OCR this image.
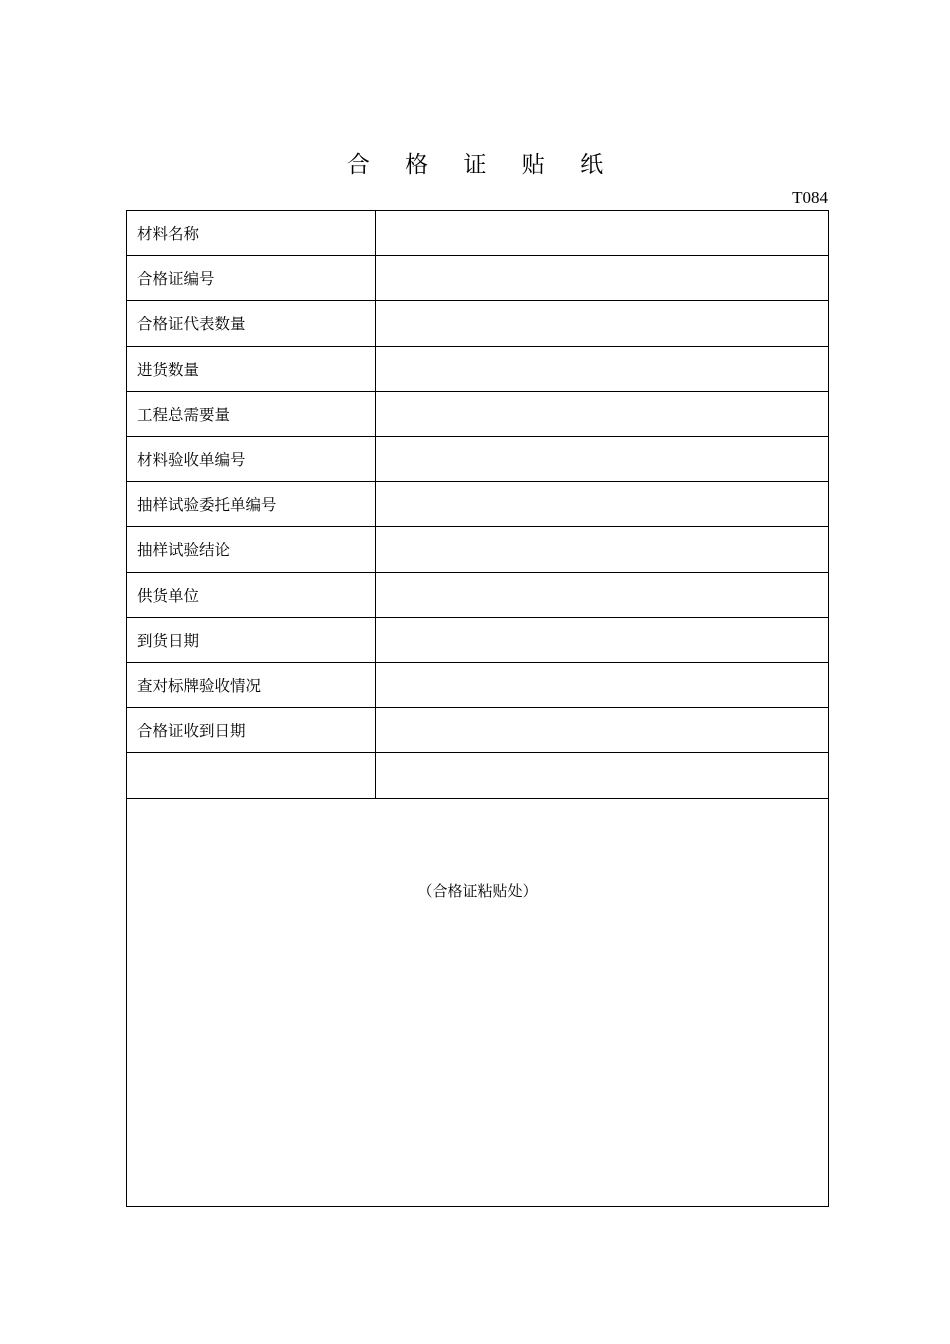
合 格 证 贴 纸
T084
材料名称
合格证编号
合格证代表数量
进货数量
工程总需要量
材料验收单编号
抽样试验委托单编号
抽样试验结论
供货单位
到货日期
查对标牌验收情况
合格证收到日期
（合格证粘贴处）
